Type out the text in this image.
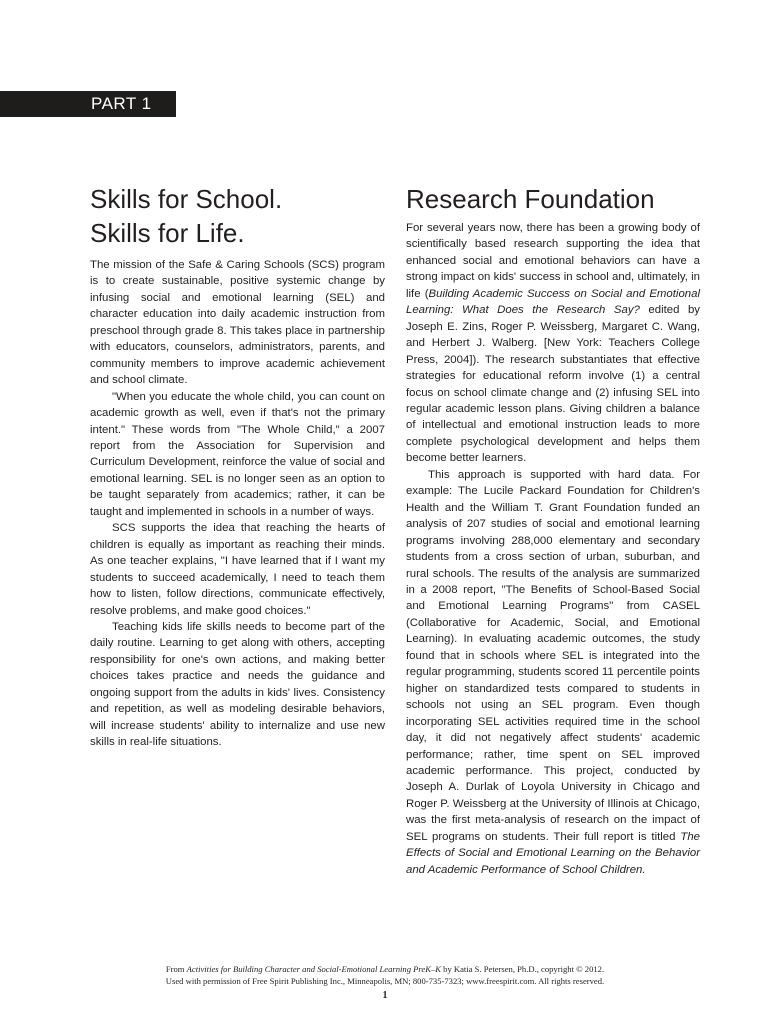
PART 1
Skills for School.
Skills for Life.

The mission of the Safe & Caring Schools (SCS) program is to create sustainable, positive systemic change by infusing social and emotional learning (SEL) and character education into daily academic instruction from preschool through grade 8. This takes place in partnership with educators, counselors, administrators, parents, and community members to improve academic achievement and school climate.

"When you educate the whole child, you can count on academic growth as well, even if that's not the primary intent." These words from "The Whole Child," a 2007 report from the Association for Supervision and Curriculum Development, reinforce the value of social and emotional learning. SEL is no longer seen as an option to be taught separately from academics; rather, it can be taught and implemented in schools in a number of ways.

SCS supports the idea that reaching the hearts of children is equally as important as reaching their minds. As one teacher explains, "I have learned that if I want my students to succeed academically, I need to teach them how to listen, follow directions, communicate effectively, resolve problems, and make good choices."

Teaching kids life skills needs to become part of the daily routine. Learning to get along with others, accepting responsibility for one's own actions, and making better choices takes practice and needs the guidance and ongoing support from the adults in kids' lives. Consistency and repetition, as well as modeling desirable behaviors, will increase students' ability to internalize and use new skills in real-life situations.

Research Foundation

For several years now, there has been a growing body of scientifically based research supporting the idea that enhanced social and emotional behaviors can have a strong impact on kids' success in school and, ultimately, in life (Building Academic Success on Social and Emotional Learning: What Does the Research Say? edited by Joseph E. Zins, Roger P. Weissberg, Margaret C. Wang, and Herbert J. Walberg. [New York: Teachers College Press, 2004]). The research substantiates that effective strategies for educational reform involve (1) a central focus on school climate change and (2) infusing SEL into regular academic lesson plans. Giving children a balance of intellectual and emotional instruction leads to more complete psychological development and helps them become better learners.

This approach is supported with hard data. For example: The Lucile Packard Foundation for Children's Health and the William T. Grant Foundation funded an analysis of 207 studies of social and emotional learning programs involving 288,000 elementary and secondary students from a cross section of urban, suburban, and rural schools. The results of the analysis are summarized in a 2008 report, "The Benefits of School-Based Social and Emotional Learning Programs" from CASEL (Collaborative for Academic, Social, and Emotional Learning). In evaluating academic outcomes, the study found that in schools where SEL is integrated into the regular programming, students scored 11 percentile points higher on standardized tests compared to students in schools not using an SEL program. Even though incorporating SEL activities required time in the school day, it did not negatively affect students' academic performance; rather, time spent on SEL improved academic performance. This project, conducted by Joseph A. Durlak of Loyola University in Chicago and Roger P. Weissberg at the University of Illinois at Chicago, was the first meta-analysis of research on the impact of SEL programs on students. Their full report is titled The Effects of Social and Emotional Learning on the Behavior and Academic Performance of School Children.

From Activities for Building Character and Social-Emotional Learning PreK–K by Katia S. Petersen, Ph.D., copyright © 2012.
Used with permission of Free Spirit Publishing Inc., Minneapolis, MN; 800-735-7323; www.freespirit.com. All rights reserved.
1
